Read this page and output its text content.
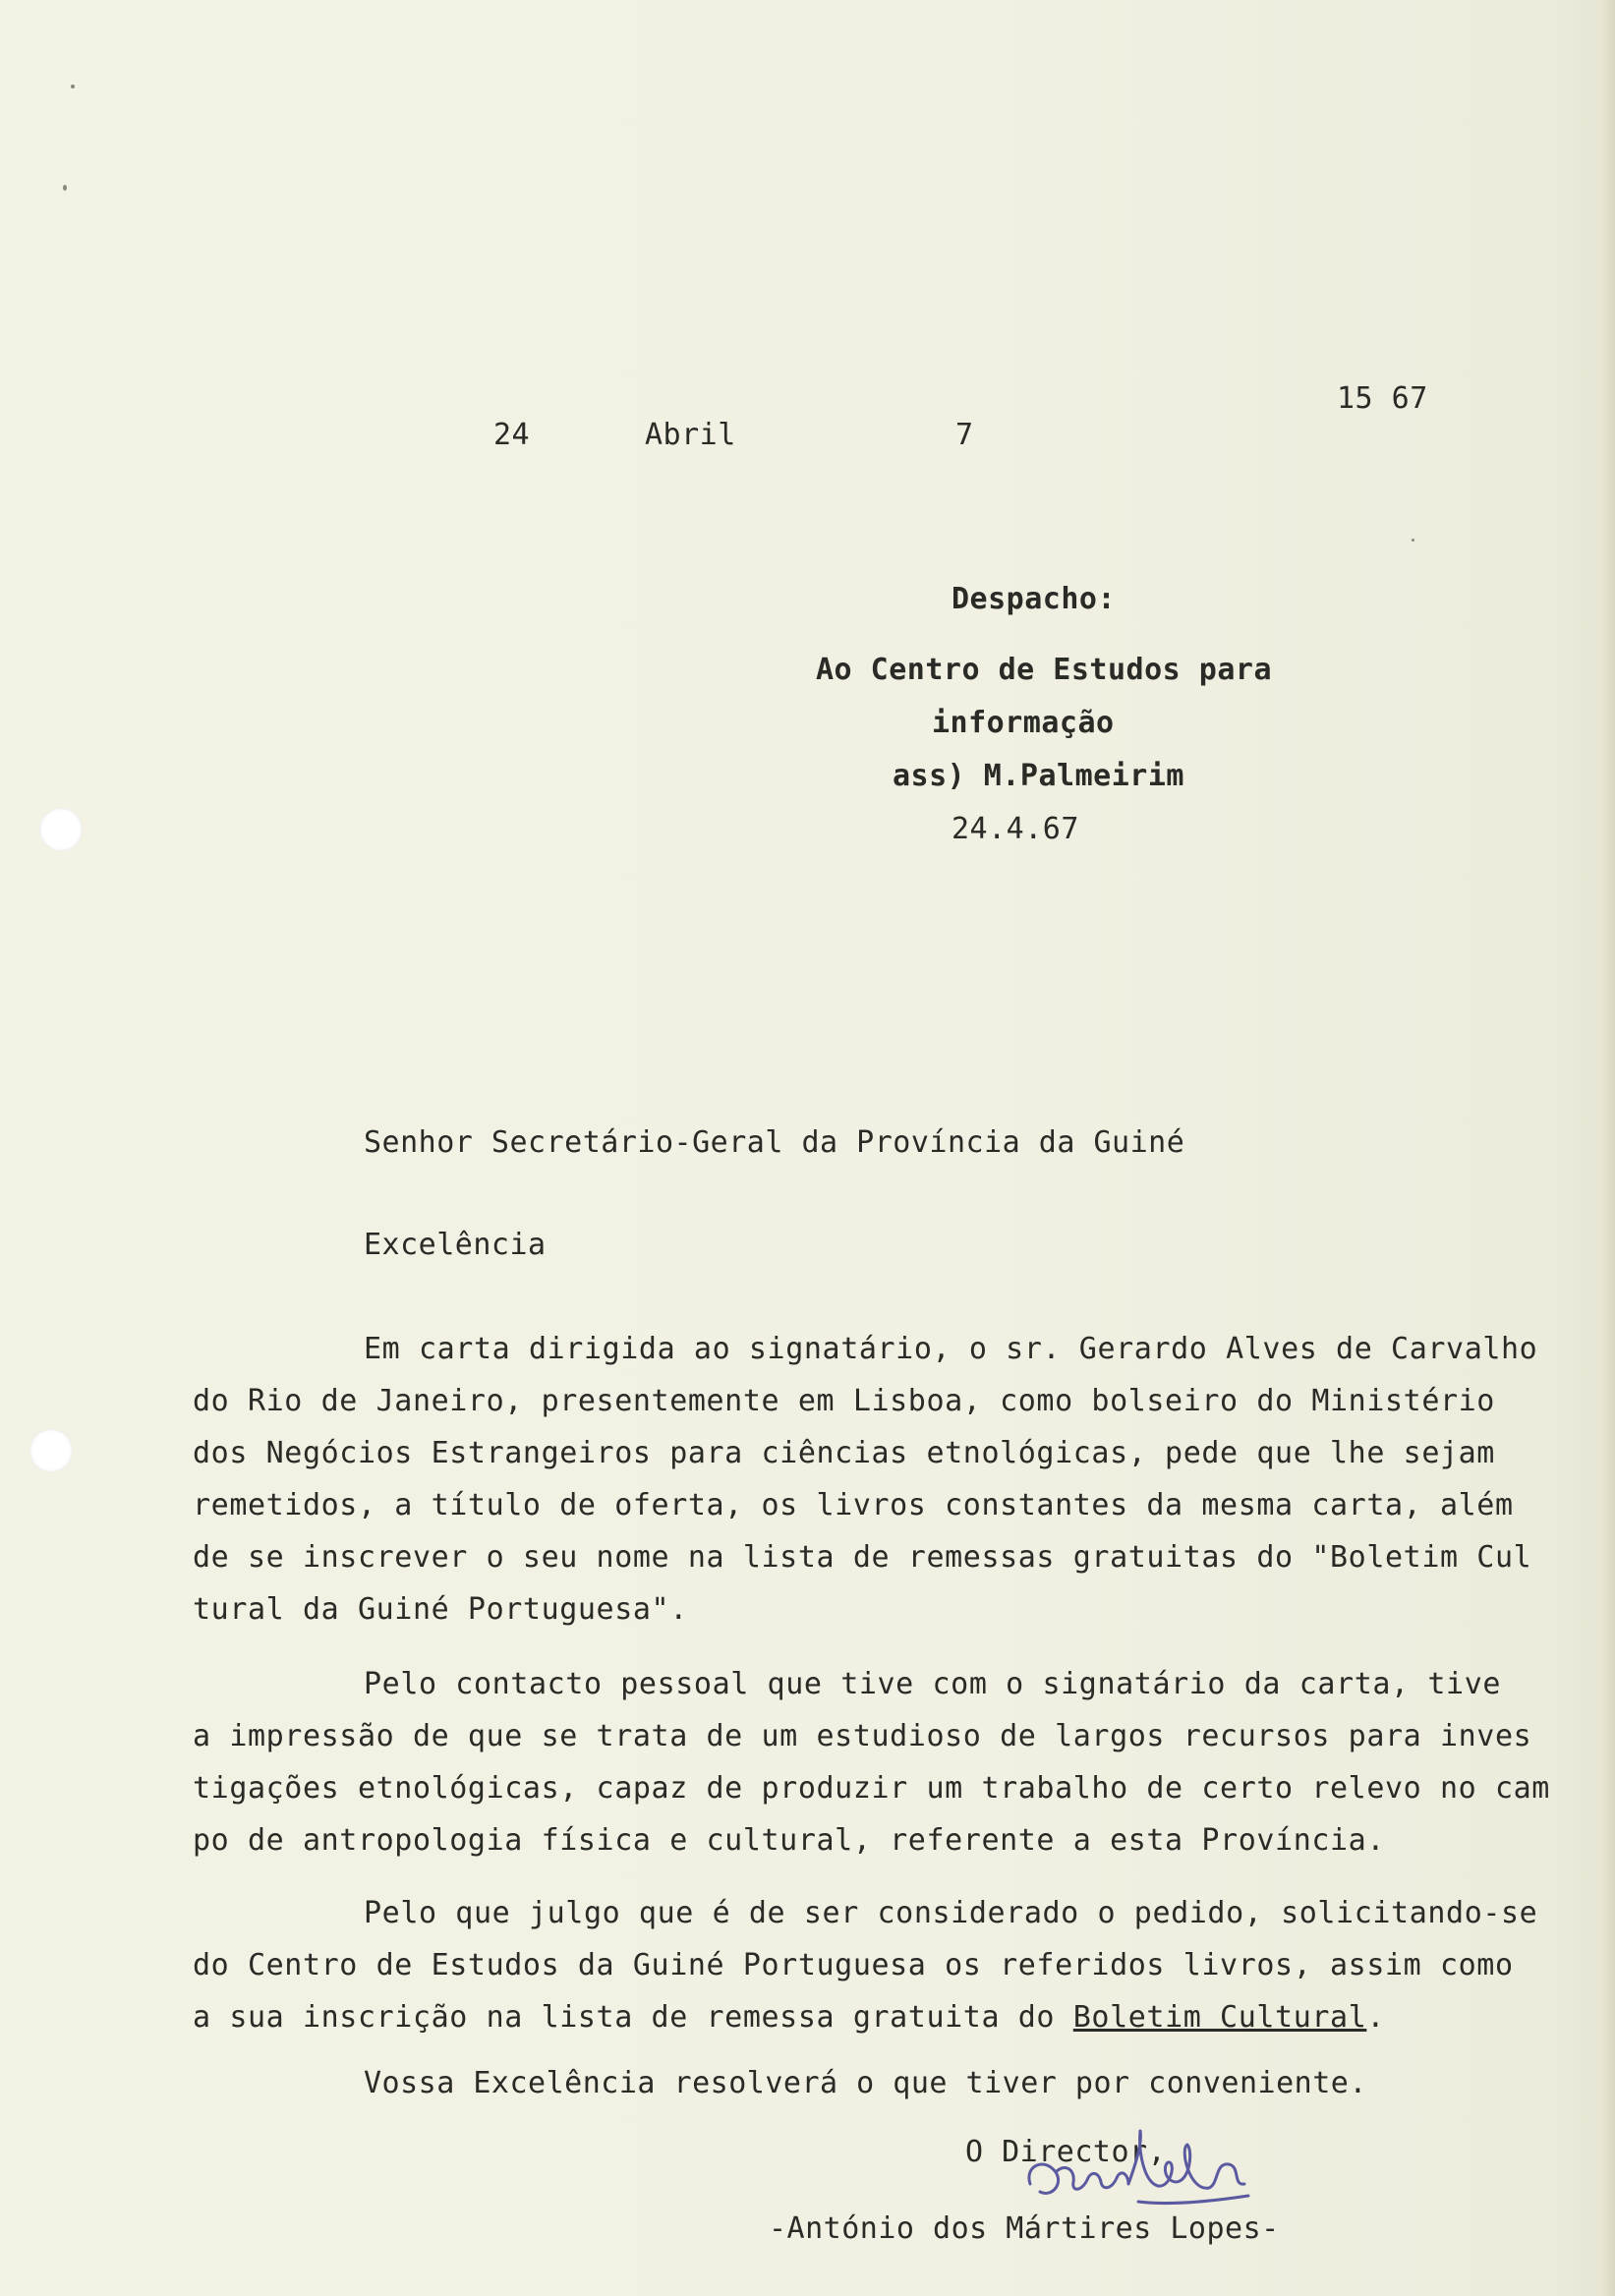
15 67
24	Abril	7
Despacho:
Ao Centro de Estudos para
informação
ass) M.Palmeirim
24.4.67
Senhor Secretário-Geral da Província da Guiné
Excelência
Em carta dirigida ao signatário, o sr. Gerardo Alves de Carvalho
do Rio de Janeiro, presentemente em Lisboa, como bolseiro do Ministério
dos Negócios Estrangeiros para ciências etnológicas, pede que lhe sejam
remetidos, a título de oferta, os livros constantes da mesma carta, além
de se inscrever o seu nome na lista de remessas gratuitas do "Boletim Cul
tural da Guiné Portuguesa".
Pelo contacto pessoal que tive com o signatário da carta, tive
a impressão de que se trata de um estudioso de largos recursos para inves
tigações etnológicas, capaz de produzir um trabalho de certo relevo no cam
po de antropologia física e cultural, referente a esta Província.
Pelo que julgo que é de ser considerado o pedido, solicitando-se
do Centro de Estudos da Guiné Portuguesa os referidos livros, assim como
a sua inscrição na lista de remessa gratuita do Boletim Cultural.
Vossa Excelência resolverá o que tiver por conveniente.
O Director,
-António dos Mártires Lopes-
